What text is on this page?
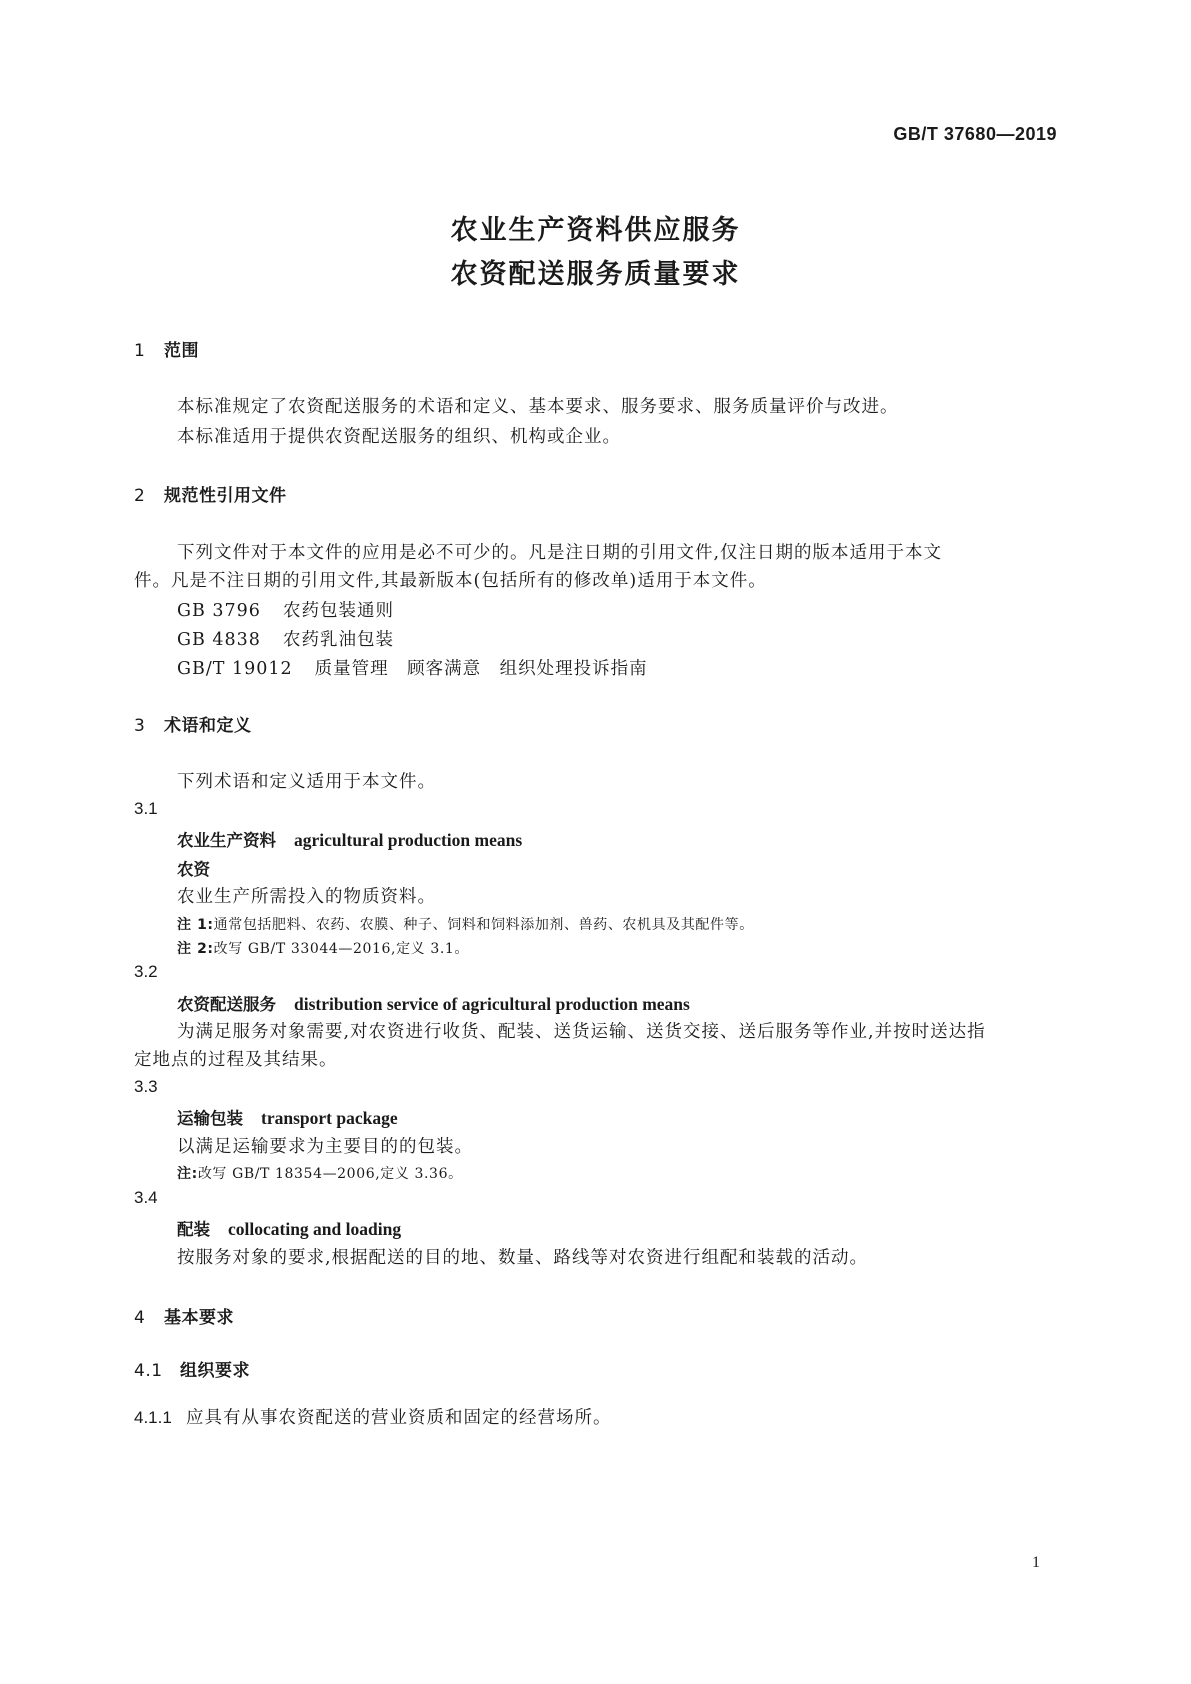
GB/T 37680—2019
农业生产资料供应服务
农资配送服务质量要求
1 范围
本标准规定了农资配送服务的术语和定义、基本要求、服务要求、服务质量评价与改进。
本标准适用于提供农资配送服务的组织、机构或企业。
2 规范性引用文件
下列文件对于本文件的应用是必不可少的。凡是注日期的引用文件,仅注日期的版本适用于本文
件。凡是不注日期的引用文件,其最新版本(包括所有的修改单)适用于本文件。
GB 3796 农药包装通则
GB 4838 农药乳油包装
GB/T 19012 质量管理　顾客满意　组织处理投诉指南
3 术语和定义
下列术语和定义适用于本文件。
3.1
农业生产资料 agricultural production means
农资
农业生产所需投入的物质资料。
注 1:通常包括肥料、农药、农膜、种子、饲料和饲料添加剂、兽药、农机具及其配件等。
注 2:改写 GB/T 33044—2016,定义 3.1。
3.2
农资配送服务 distribution service of agricultural production means
为满足服务对象需要,对农资进行收货、配装、送货运输、送货交接、送后服务等作业,并按时送达指
定地点的过程及其结果。
3.3
运输包装 transport package
以满足运输要求为主要目的的包装。
注:改写 GB/T 18354—2006,定义 3.36。
3.4
配装 collocating and loading
按服务对象的要求,根据配送的目的地、数量、路线等对农资进行组配和装载的活动。
4 基本要求
4.1 组织要求
4.1.1 应具有从事农资配送的营业资质和固定的经营场所。
1
